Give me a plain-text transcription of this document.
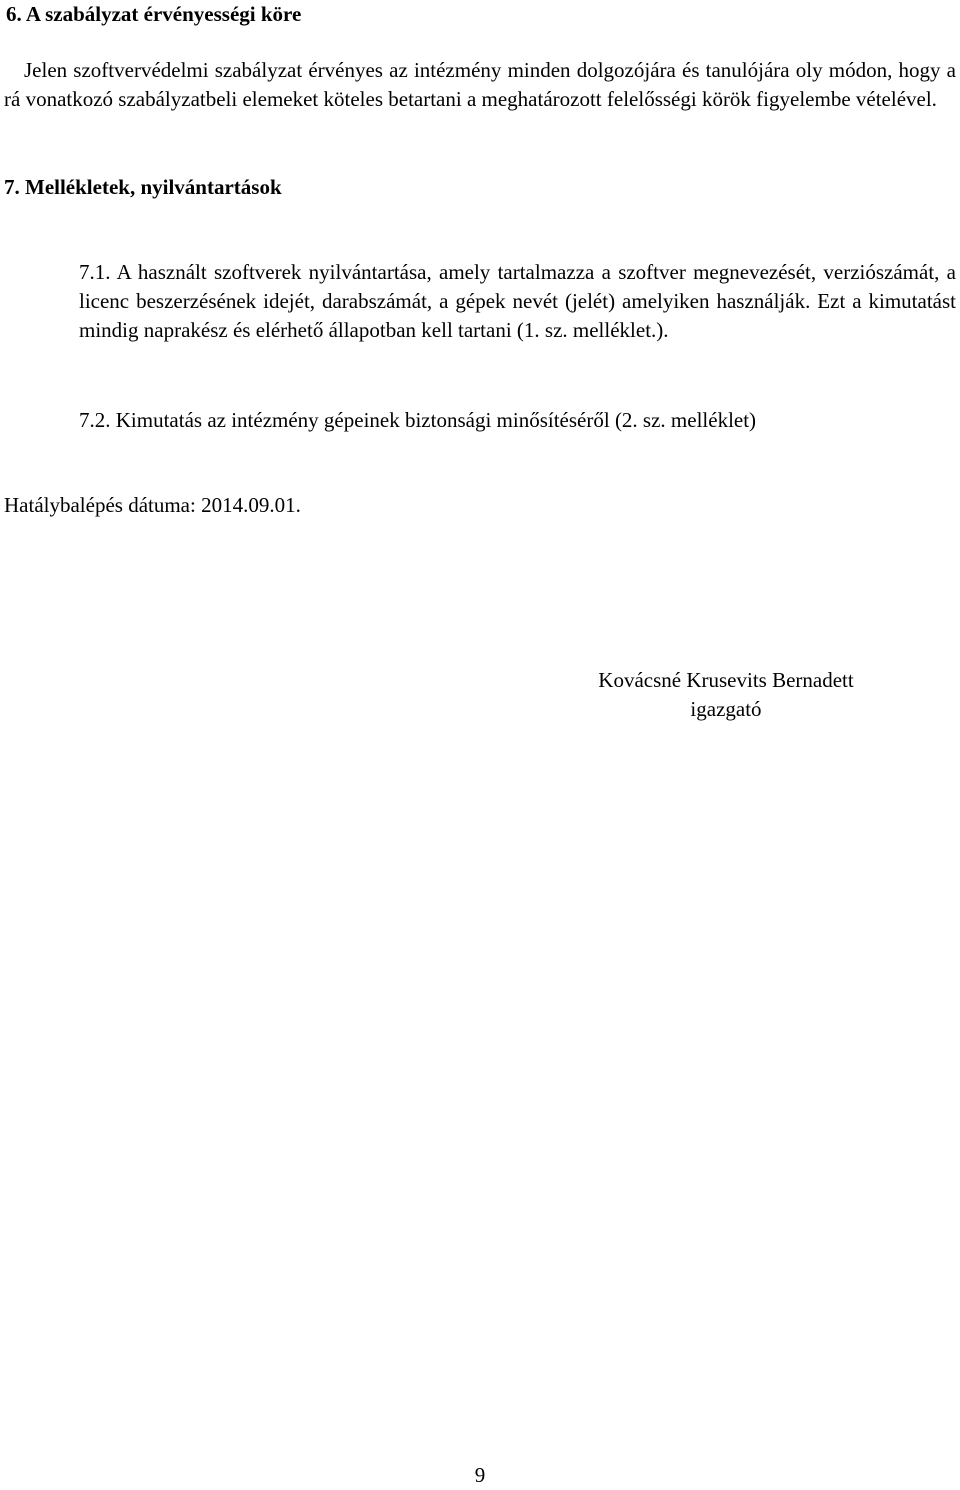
6. A szabályzat érvényességi köre

Jelen szoftvervédelmi szabályzat érvényes az intézmény minden dolgozójára és tanulójára oly módon, hogy a rá vonatkozó szabályzatbeli elemeket köteles betartani a meghatározott felelősségi körök figyelembe vételével.

7. Mellékletek, nyilvántartások

7.1. A használt szoftverek nyilvántartása, amely tartalmazza a szoftver megnevezését, verziószámát, a licenc beszerzésének idejét, darabszámát, a gépek nevét (jelét) amelyiken használják. Ezt a kimutatást mindig naprakész és elérhető állapotban kell tartani (1. sz. melléklet.).

7.2. Kimutatás az intézmény gépeinek biztonsági minősítéséről (2. sz. melléklet)

Hatálybalépés dátuma: 2014.09.01.

Kovácsné Krusevits Bernadett
igazgató
9
